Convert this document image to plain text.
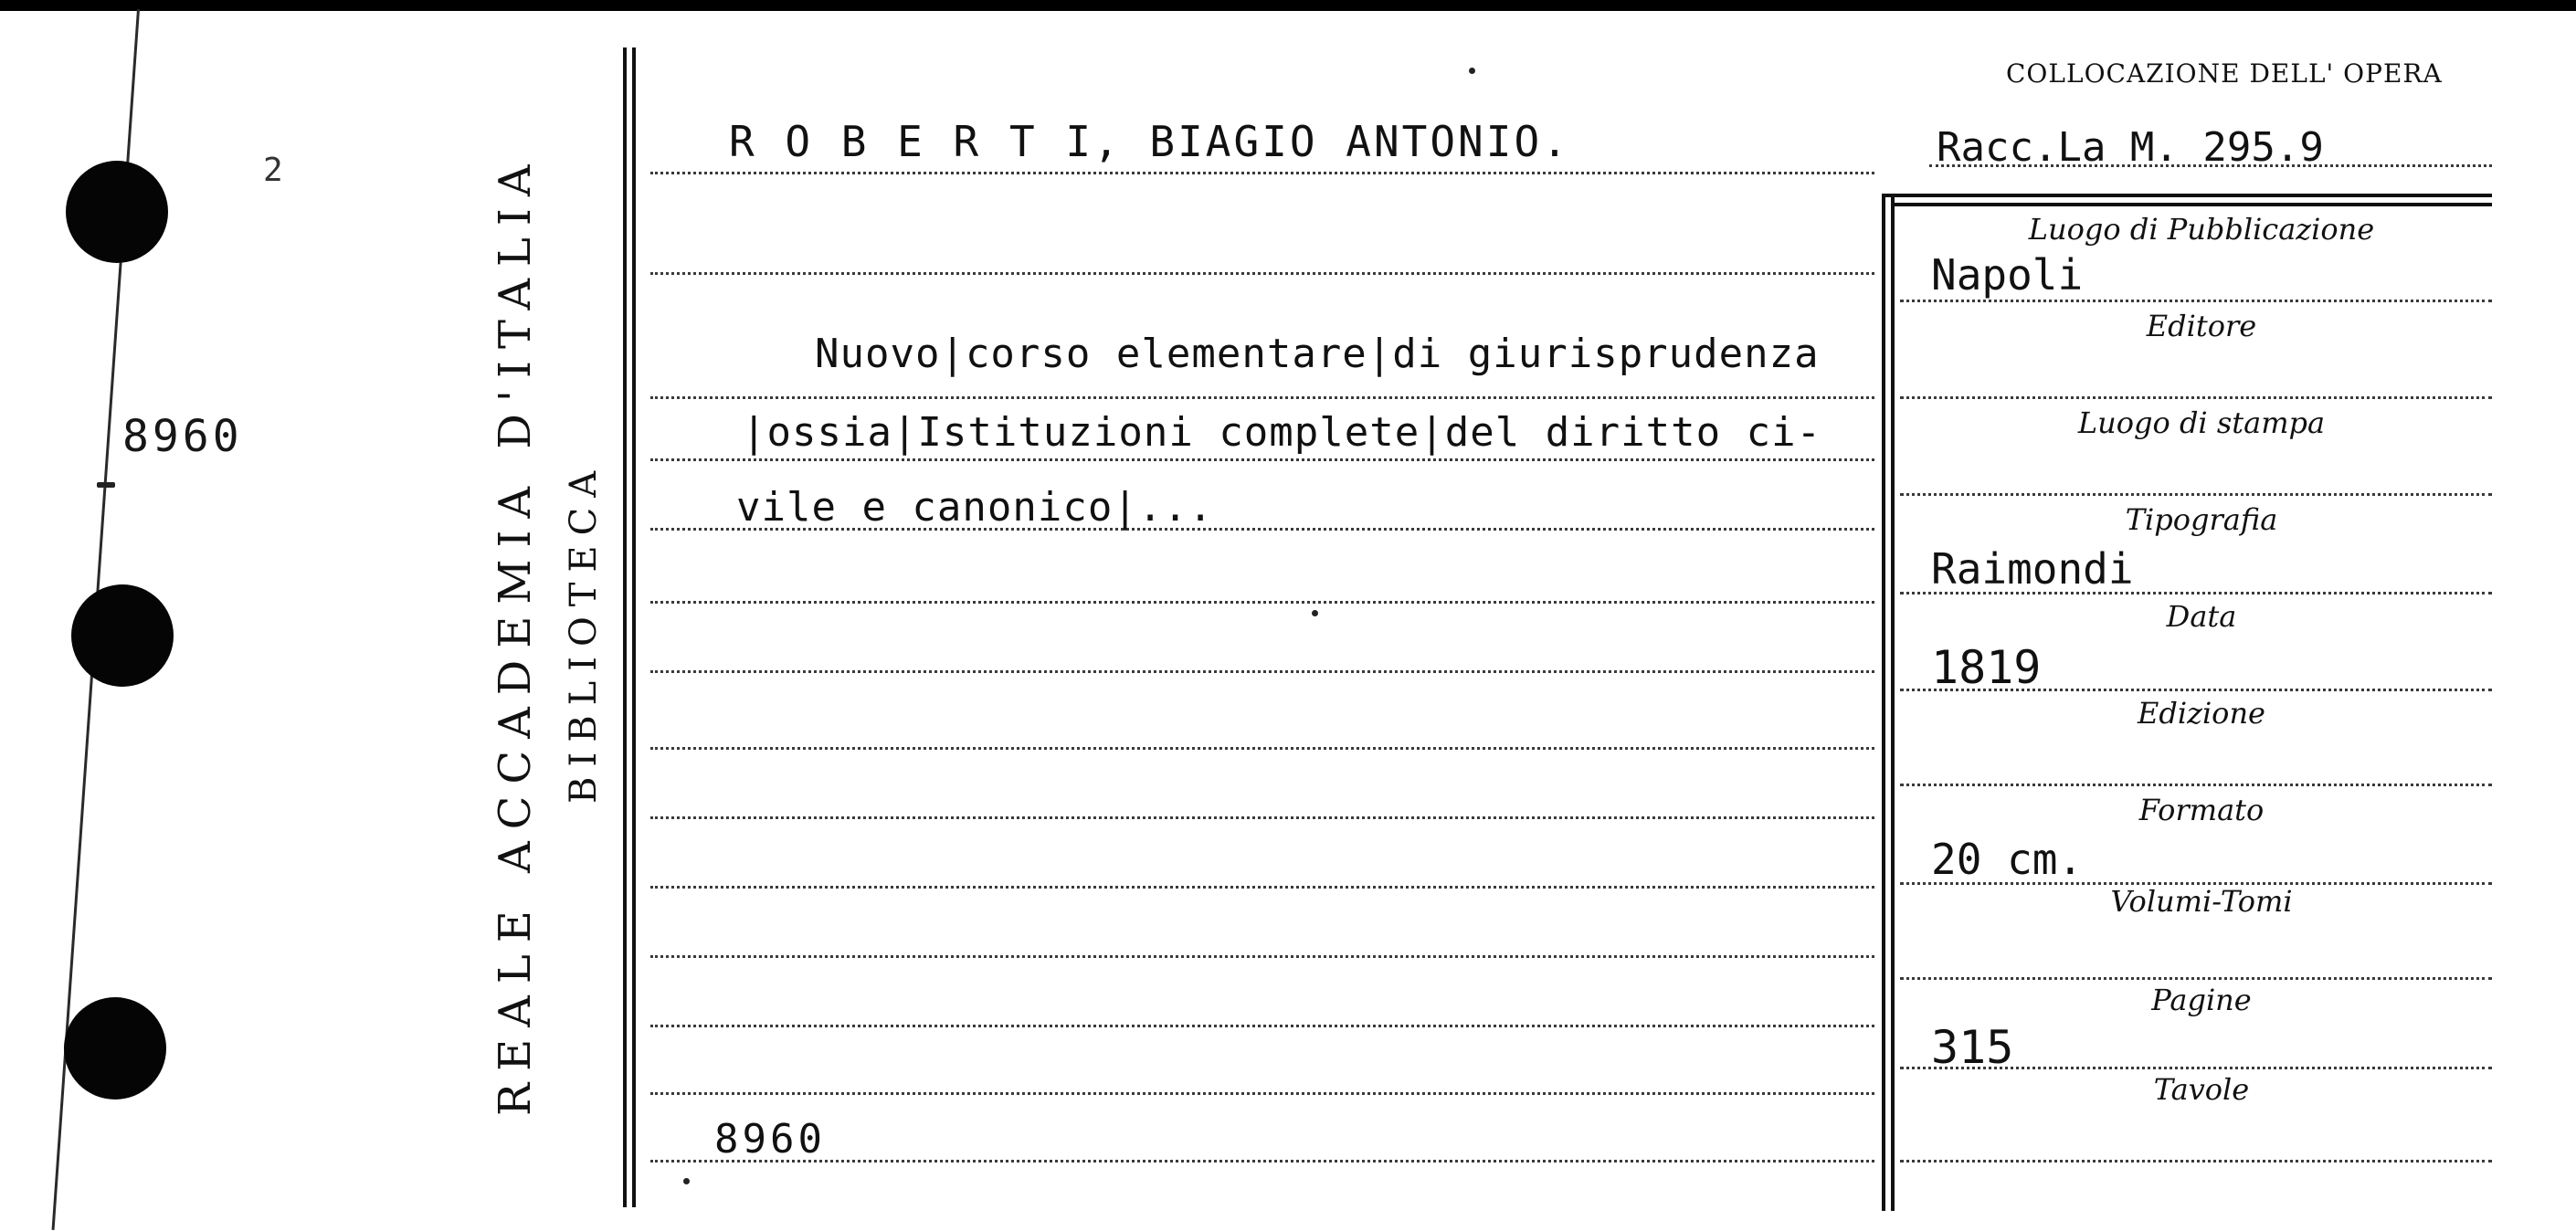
2
8960	REALE ACCADEMIA D'ITALIA BIBLIOTECA
R O B E R T I, BIAGIO ANTONIO.
Nuovo|corso elementare|di giurisprudenza
|ossia|Istituzioni complete|del diritto ci-
vile e canonico|...
8960
COLLOCAZIONE DELL' OPERA
Racc.La M. 295.9
Luogo di Pubblicazione
Napoli
Editore
Luogo di stampa
Tipografia
Raimondi
Data
1819
Edizione
Formato
20 cm.
Volumi-Tomi
Pagine
315
Tavole
